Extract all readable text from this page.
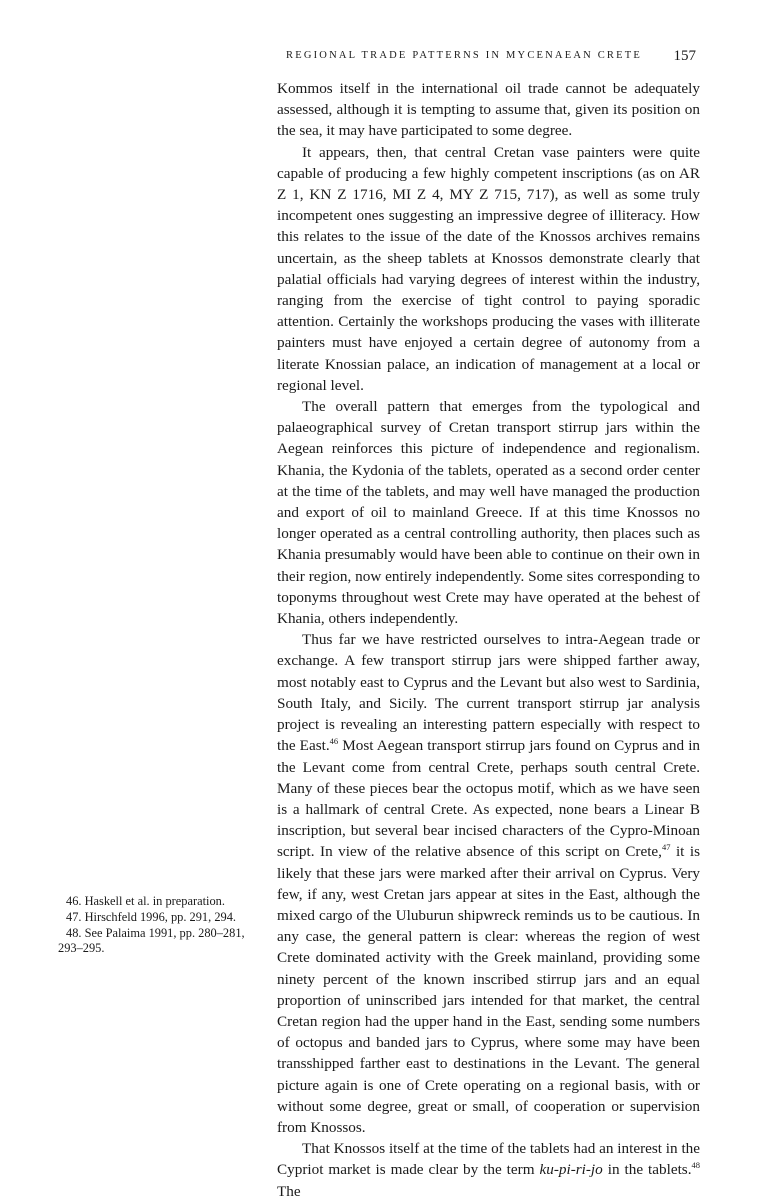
REGIONAL TRADE PATTERNS IN MYCENAEAN CRETE 157

Kommos itself in the international oil trade cannot be adequately assessed, although it is tempting to assume that, given its position on the sea, it may have participated to some degree.

It appears, then, that central Cretan vase painters were quite capable of producing a few highly competent inscriptions (as on AR Z 1, KN Z 1716, MI Z 4, MY Z 715, 717), as well as some truly incompetent ones suggesting an impressive degree of illiteracy. How this relates to the issue of the date of the Knossos archives remains uncertain, as the sheep tablets at Knossos demonstrate clearly that palatial officials had varying degrees of interest within the industry, ranging from the exercise of tight control to paying sporadic attention. Certainly the workshops producing the vases with illiterate painters must have enjoyed a certain degree of autonomy from a literate Knossian palace, an indication of management at a local or regional level.

The overall pattern that emerges from the typological and palaeographical survey of Cretan transport stirrup jars within the Aegean reinforces this picture of independence and regionalism. Khania, the Kydonia of the tablets, operated as a second order center at the time of the tablets, and may well have managed the production and export of oil to mainland Greece. If at this time Knossos no longer operated as a central controlling authority, then places such as Khania presumably would have been able to continue on their own in their region, now entirely independently. Some sites corresponding to toponyms throughout west Crete may have operated at the behest of Khania, others independently.

Thus far we have restricted ourselves to intra-Aegean trade or exchange. A few transport stirrup jars were shipped farther away, most notably east to Cyprus and the Levant but also west to Sardinia, South Italy, and Sicily. The current transport stirrup jar analysis project is revealing an interesting pattern especially with respect to the East.$^{46}$ Most Aegean transport stirrup jars found on Cyprus and in the Levant come from central Crete, perhaps south central Crete. Many of these pieces bear the octopus motif, which as we have seen is a hallmark of central Crete. As expected, none bears a Linear B inscription, but several bear incised characters of the Cypro-Minoan script. In view of the relative absence of this script on Crete,$^{47}$ it is likely that these jars were marked after their arrival on Cyprus. Very few, if any, west Cretan jars appear at sites in the East, although the mixed cargo of the Uluburun shipwreck reminds us to be cautious. In any case, the general pattern is clear: whereas the region of west Crete dominated activity with the Greek mainland, providing some ninety percent of the known inscribed stirrup jars and an equal proportion of uninscribed jars intended for that market, the central Cretan region had the upper hand in the East, sending some numbers of octopus and banded jars to Cyprus, where some may have been transshipped farther east to destinations in the Levant. The general picture again is one of Crete operating on a regional basis, with or without some degree, great or small, of cooperation or supervision from Knossos.

That Knossos itself at the time of the tablets had an interest in the Cypriot market is made clear by the term ku-pi-ri-jo in the tablets.$^{48}$ The

46. Haskell et al. in preparation.

47. Hirschfeld 1996, pp. 291, 294.

48. See Palaima 1991, pp. 280–281, 293–295.
